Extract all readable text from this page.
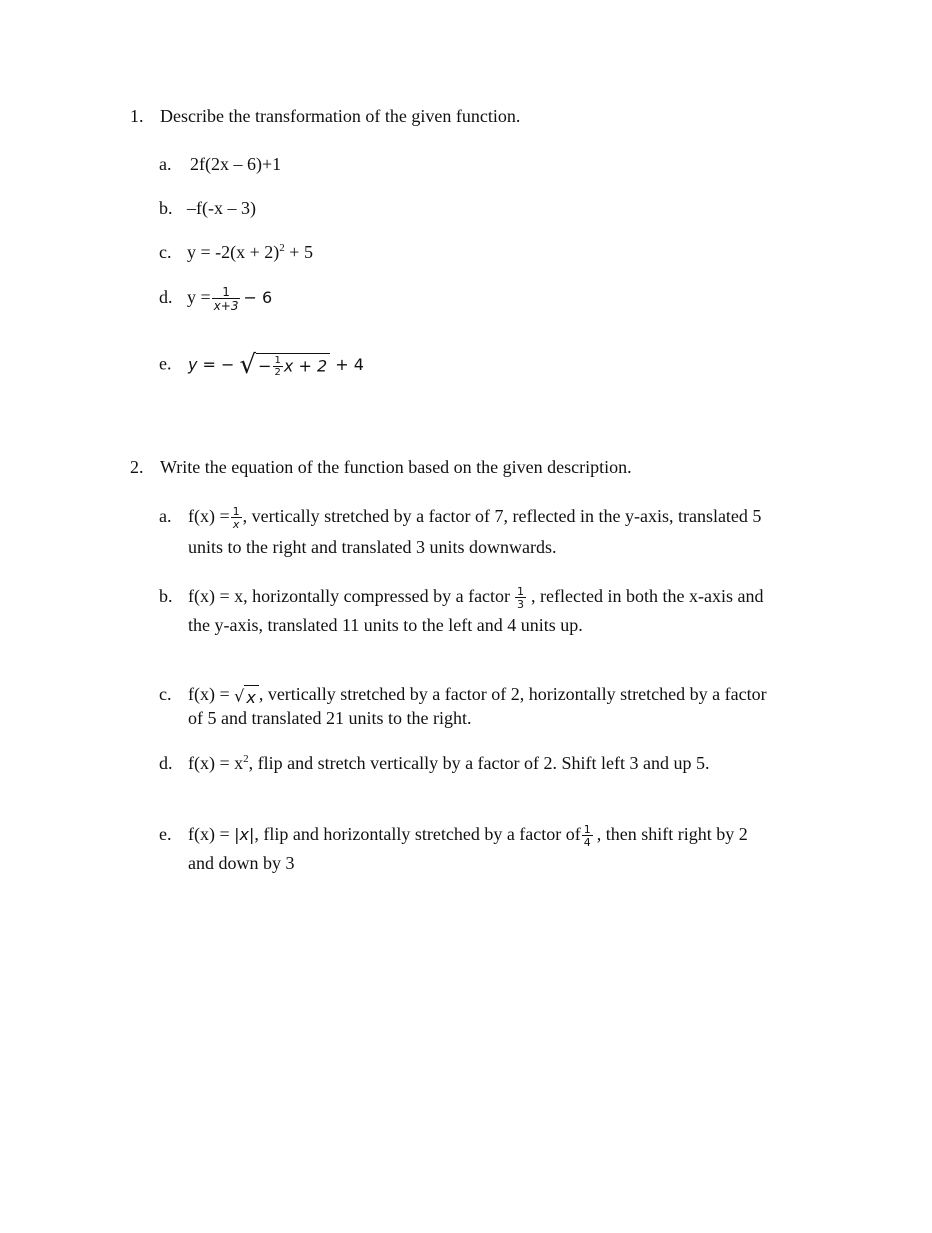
1. Describe the transformation of the given function.
a. 2f(2x – 6)+1
b. –f(-x – 3)
c. $y = -2(x + 2)^2 + 5$
d. $y = \frac{1}{x+3} - 6$
e. y = − √ − $\frac{1}{2}$ x + 2 + 4
2. Write the equation of the function based on the given description.
a. $f(x) = \frac{1}{x}$ , vertically stretched by a factor of 7, reflected in the y-axis, translated 5
units to the right and translated 3 units downwards.
b. f(x) = x, horizontally compressed by a factor $\frac{1}{3}$ , reflected in both the x-axis and
the y-axis, translated 11 units to the left and 4 units up.
c. f(x) = √ x , vertically stretched by a factor of 2, horizontally stretched by a factor
of 5 and translated 21 units to the right.
d. $f(x) = x^2$, flip and stretch vertically by a factor of 2. Shift left 3 and up 5.
e. f(x) = |x|, flip and horizontally stretched by a factor of $\frac{1}{4}$ , then shift right by 2
and down by 3
